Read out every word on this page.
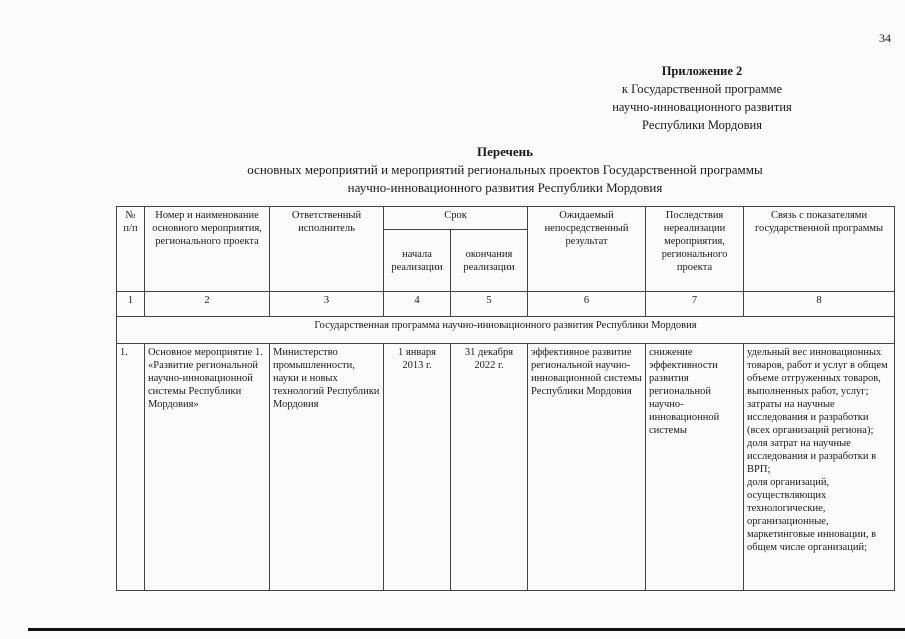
34
Приложение 2
к Государственной программе
научно-инновационного развития
Республики Мордовия
Перечень
основных мероприятий и мероприятий региональных проектов Государственной программы
научно-инновационного развития Республики Мордовия
№ п/п	Номер и наименование основного мероприятия, регионального проекта	Ответственный исполнитель	Срок		Ожидаемый непосредственный результат	Последствия нереализации мероприятия, регионального проекта	Связь с показателями государственной программы
			начала реализации	окончания реализации			
1	2	3	4	5	6	7	8
Государственная программа научно-инновационного развития Республики Мордовия							
1.	Основное мероприятие 1. «Развитие региональной научно-инновационной системы Республики Мордовия»	Министерство промышленности, науки и новых технологий Республики Мордовия	1 января 2013 г.	31 декабря 2022 г.	эффективное развитие региональной научно-инновационной системы Республики Мордовия	снижение эффективности развития региональной научно-инновационной системы	удельный вес инновационных товаров, работ и услуг в общем объеме отгруженных товаров, выполненных работ, услуг;
затраты на научные исследования и разработки (всех организаций региона);
доля затрат на научные исследования и разработки в ВРП;
доля организаций, осуществляющих технологические, организационные, маркетинговые инновации, в общем числе организаций;
